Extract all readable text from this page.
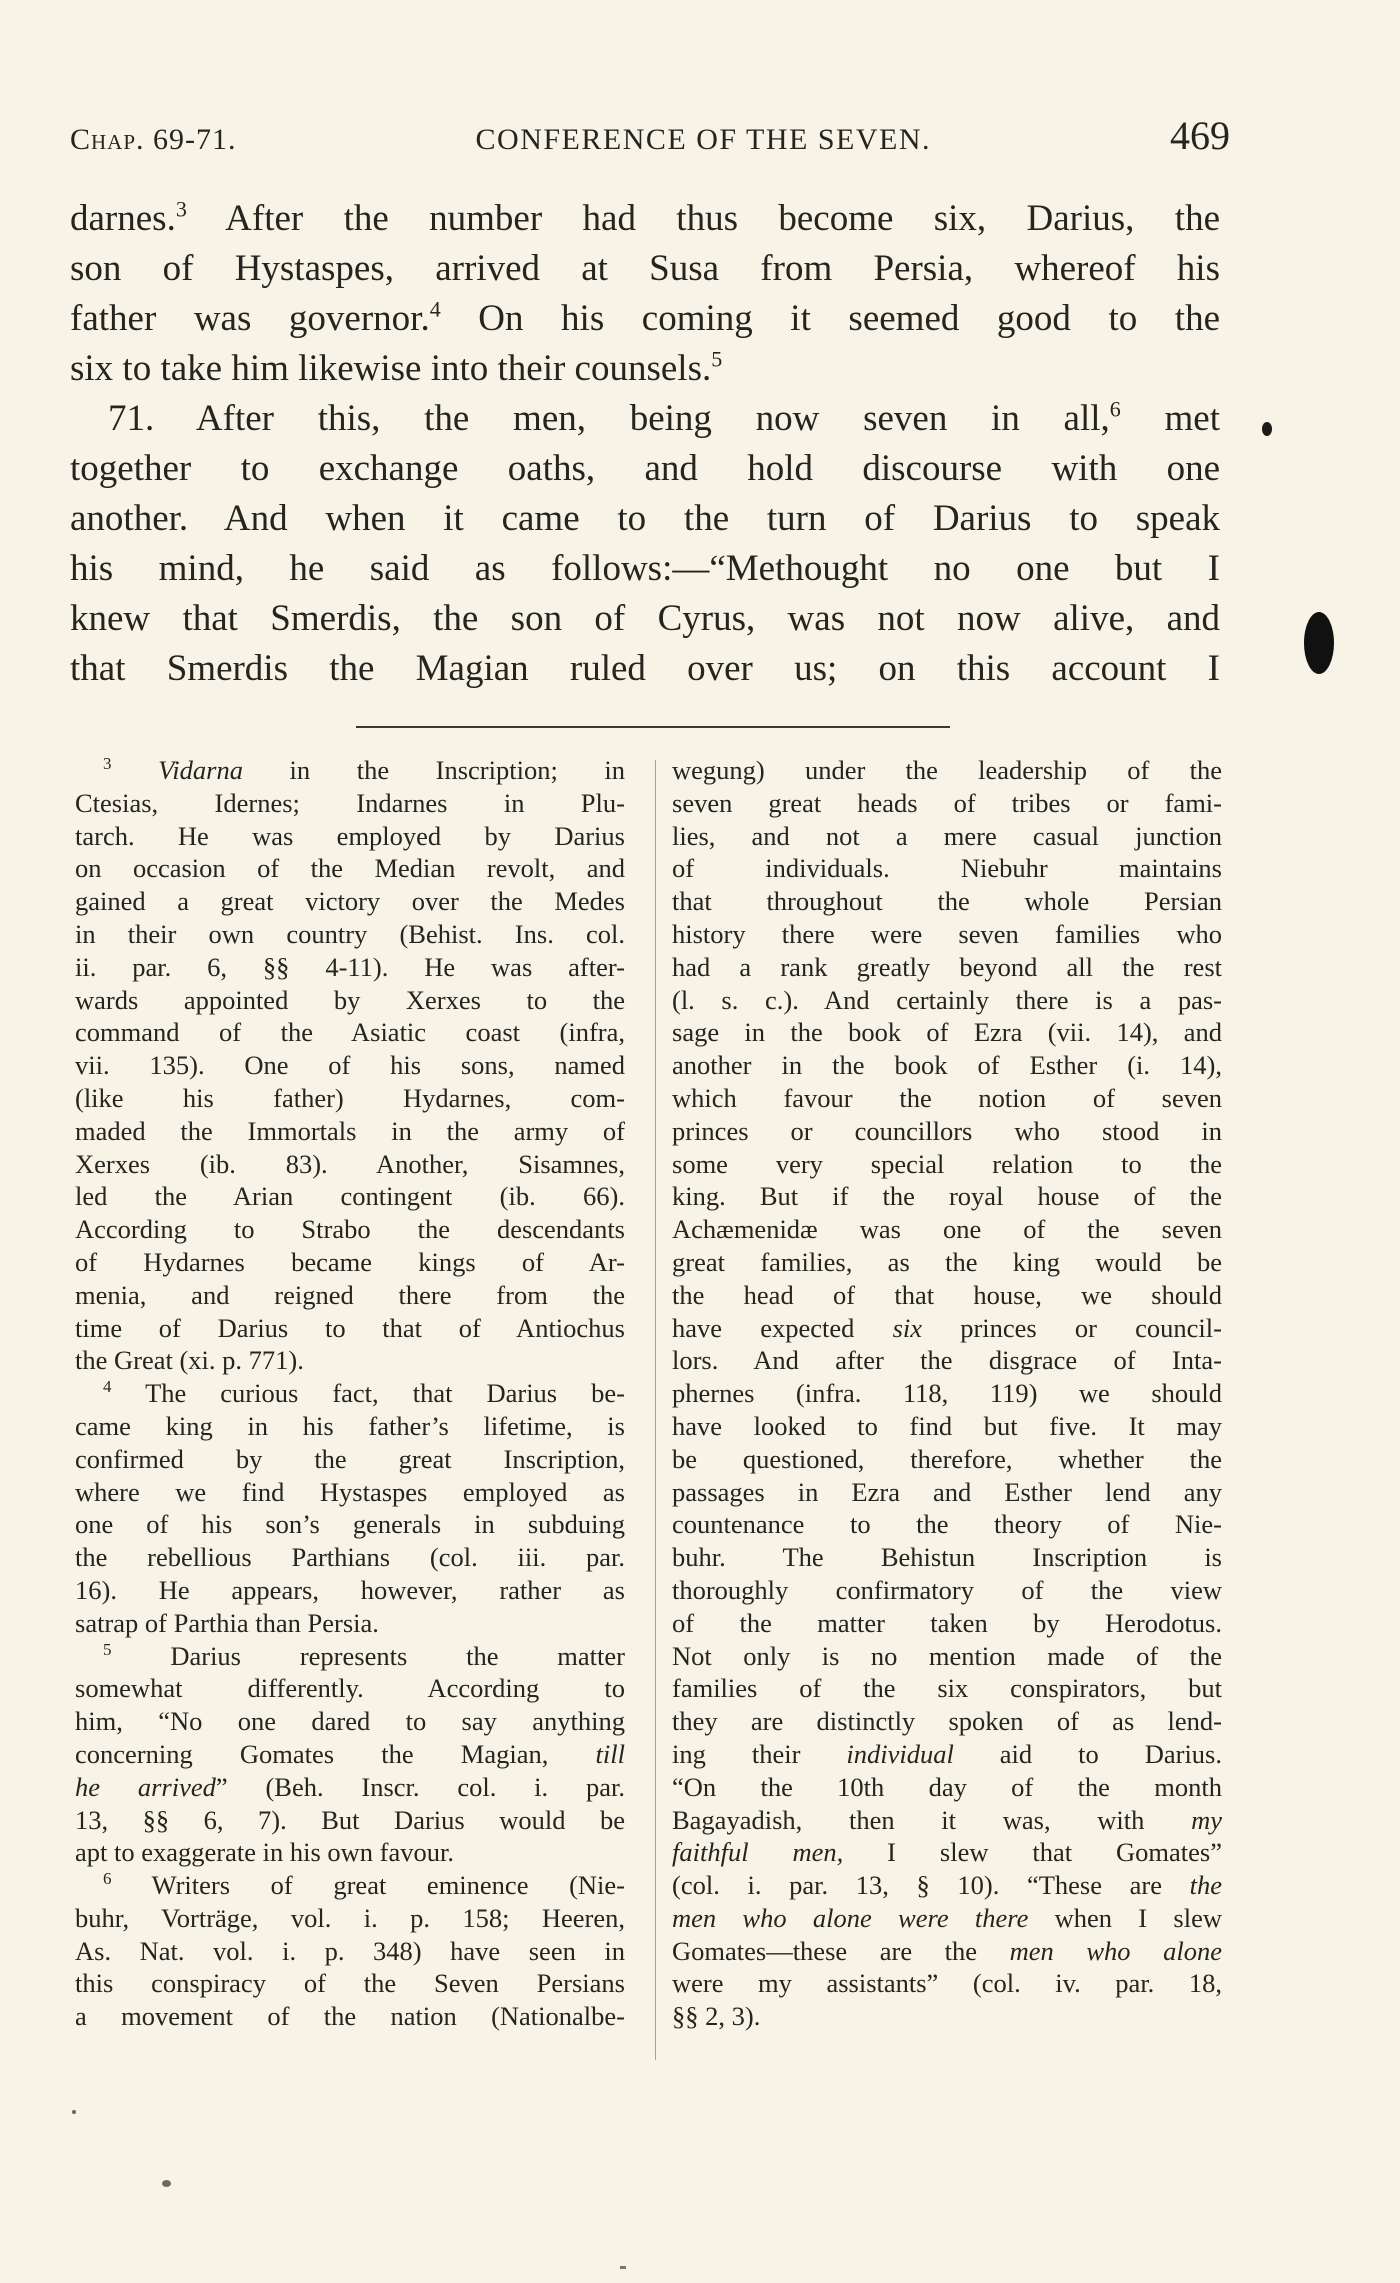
Chap. 69-71.	CONFERENCE OF THE SEVEN.	469
darnes.$^3$ After the number had thus become six, Darius, the
son of Hystaspes, arrived at Susa from Persia, whereof his
father was governor.$^4$ On his coming it seemed good to the
six to take him likewise into their counsels.$^5$
71. After this, the men, being now seven in all,$^6$ met
together to exchange oaths, and hold discourse with one
another. And when it came to the turn of Darius to speak
his mind, he said as follows:—“Methought no one but I
knew that Smerdis, the son of Cyrus, was not now alive, and
that Smerdis the Magian ruled over us; on this account I
$^3$ Vidarna in the Inscription; in
Ctesias, Idernes; Indarnes in Plu-
tarch. He was employed by Darius
on occasion of the Median revolt, and
gained a great victory over the Medes
in their own country (Behist. Ins. col.
ii. par. 6, §§ 4-11). He was after-
wards appointed by Xerxes to the
command of the Asiatic coast (infra,
vii. 135). One of his sons, named
(like his father) Hydarnes, com-
maded the Immortals in the army of
Xerxes (ib. 83). Another, Sisamnes,
led the Arian contingent (ib. 66).
According to Strabo the descendants
of Hydarnes became kings of Ar-
menia, and reigned there from the
time of Darius to that of Antiochus
the Great (xi. p. 771).
$^4$ The curious fact, that Darius be-
came king in his father’s lifetime, is
confirmed by the great Inscription,
where we find Hystaspes employed as
one of his son’s generals in subduing
the rebellious Parthians (col. iii. par.
16). He appears, however, rather as
satrap of Parthia than Persia.
$^5$ Darius represents the matter
somewhat differently. According to
him, “No one dared to say anything
concerning Gomates the Magian, till
he arrived” (Beh. Inscr. col. i. par.
13, §§ 6, 7). But Darius would be
apt to exaggerate in his own favour.
$^6$ Writers of great eminence (Nie-
buhr, Vorträge, vol. i. p. 158; Heeren,
As. Nat. vol. i. p. 348) have seen in
this conspiracy of the Seven Persians
a movement of the nation (Nationalbe-
wegung) under the leadership of the
seven great heads of tribes or fami-
lies, and not a mere casual junction
of individuals. Niebuhr maintains
that throughout the whole Persian
history there were seven families who
had a rank greatly beyond all the rest
(l. s. c.). And certainly there is a pas-
sage in the book of Ezra (vii. 14), and
another in the book of Esther (i. 14),
which favour the notion of seven
princes or councillors who stood in
some very special relation to the
king. But if the royal house of the
Achæmenidæ was one of the seven
great families, as the king would be
the head of that house, we should
have expected six princes or council-
lors. And after the disgrace of Inta-
phernes (infra. 118, 119) we should
have looked to find but five. It may
be questioned, therefore, whether the
passages in Ezra and Esther lend any
countenance to the theory of Nie-
buhr. The Behistun Inscription is
thoroughly confirmatory of the view
of the matter taken by Herodotus.
Not only is no mention made of the
families of the six conspirators, but
they are distinctly spoken of as lend-
ing their individual aid to Darius.
“On the 10th day of the month
Bagayadish, then it was, with my
faithful men, I slew that Gomates”
(col. i. par. 13, § 10). “These are the
men who alone were there when I slew
Gomates—these are the men who alone
were my assistants” (col. iv. par. 18,
§§ 2, 3).
